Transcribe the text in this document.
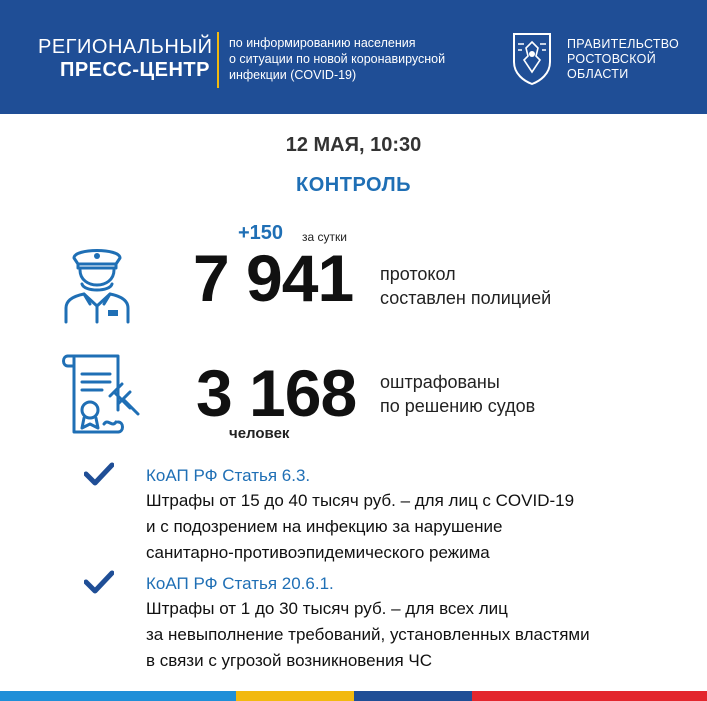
РЕГИОНАЛЬНЫЙ
ПРЕСС-ЦЕНТР
по информированию населения
о ситуации по новой коронавирусной
инфекции (COVID-19)
ПРАВИТЕЛЬСТВО
РОСТОВСКОЙ
ОБЛАСТИ
12 МАЯ, 10:30
КОНТРОЛЬ
+150 за сутки
7 941 протокол
составлен полицией
3 168
человек
оштрафованы
по решению судов
КоАП РФ Статья 6.3.
Штрафы от 15 до 40 тысяч руб. – для лиц с COVID-19
и с подозрением на инфекцию за нарушение
санитарно-противоэпидемического режима
КоАП РФ Статья 20.6.1.
Штрафы от 1 до 30 тысяч руб. – для всех лиц
за невыполнение требований, установленных властями
в связи с угрозой возникновения ЧС
